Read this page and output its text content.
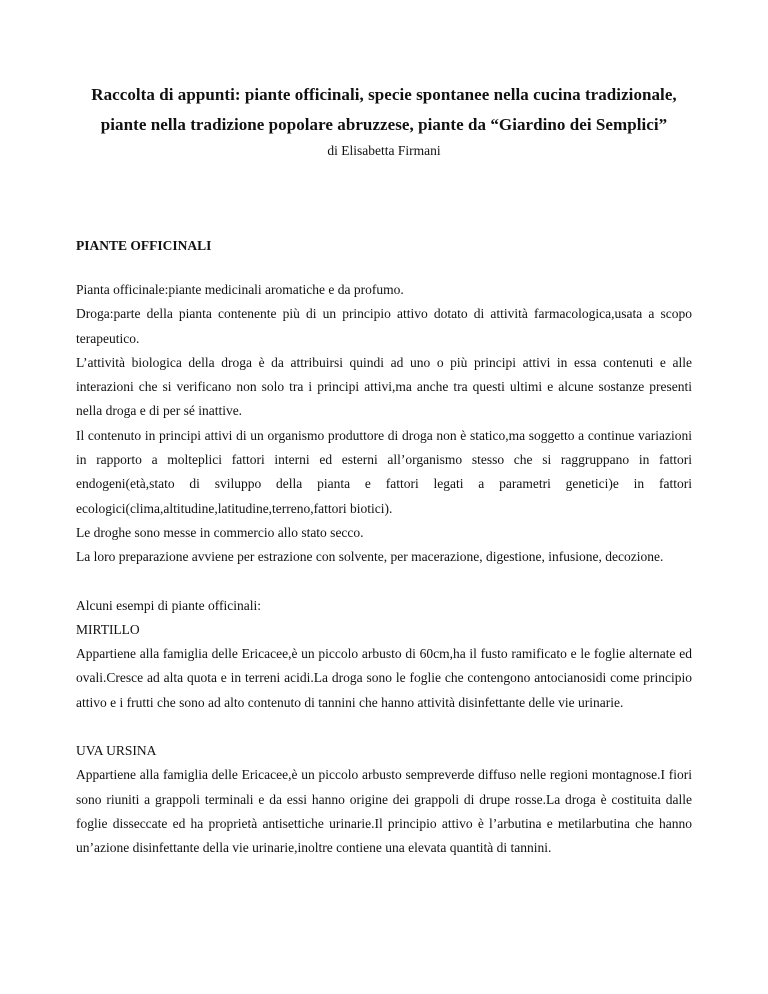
Raccolta di appunti: piante officinali, specie spontanee nella cucina tradizionale,

piante nella tradizione popolare abruzzese, piante da “Giardino dei Semplici”

di Elisabetta Firmani

PIANTE OFFICINALI

Pianta officinale:piante medicinali aromatiche e da profumo.

Droga:parte della pianta contenente più di un principio attivo dotato di attività farmacologica,usata a scopo terapeutico.

L’attività biologica della droga è da attribuirsi quindi ad uno o più principi attivi in essa contenuti e alle interazioni che si verificano non solo tra i principi attivi,ma anche tra questi ultimi e alcune sostanze presenti nella droga e di per sé inattive.

Il contenuto in principi attivi di un organismo produttore di droga non è statico,ma soggetto a continue variazioni in rapporto a molteplici fattori interni ed esterni all’organismo stesso che si raggruppano in fattori endogeni(età,stato di sviluppo della pianta e fattori legati a parametri genetici)e in fattori ecologici(clima,altitudine,latitudine,terreno,fattori biotici).

Le droghe sono messe in commercio allo stato secco.

La loro preparazione avviene per estrazione con solvente, per macerazione, digestione, infusione, decozione.

Alcuni esempi di piante officinali:

MIRTILLO

Appartiene alla famiglia delle Ericacee,è un piccolo arbusto di 60cm,ha il fusto ramificato e le foglie alternate ed ovali.Cresce ad alta quota e in terreni acidi.La droga sono le foglie che contengono antocianosidi come principio attivo e i frutti che sono ad alto contenuto di tannini che hanno attività disinfettante delle vie urinarie.

UVA URSINA

Appartiene alla famiglia delle Ericacee,è un piccolo arbusto sempreverde diffuso nelle regioni montagnose.I fiori sono riuniti a grappoli terminali e da essi hanno origine dei grappoli di drupe rosse.La droga è costituita dalle foglie disseccate ed ha proprietà antisettiche urinarie.Il principio attivo è l’arbutina e metilarbutina che hanno un’azione disinfettante della vie urinarie,inoltre contiene una elevata quantità di tannini.
